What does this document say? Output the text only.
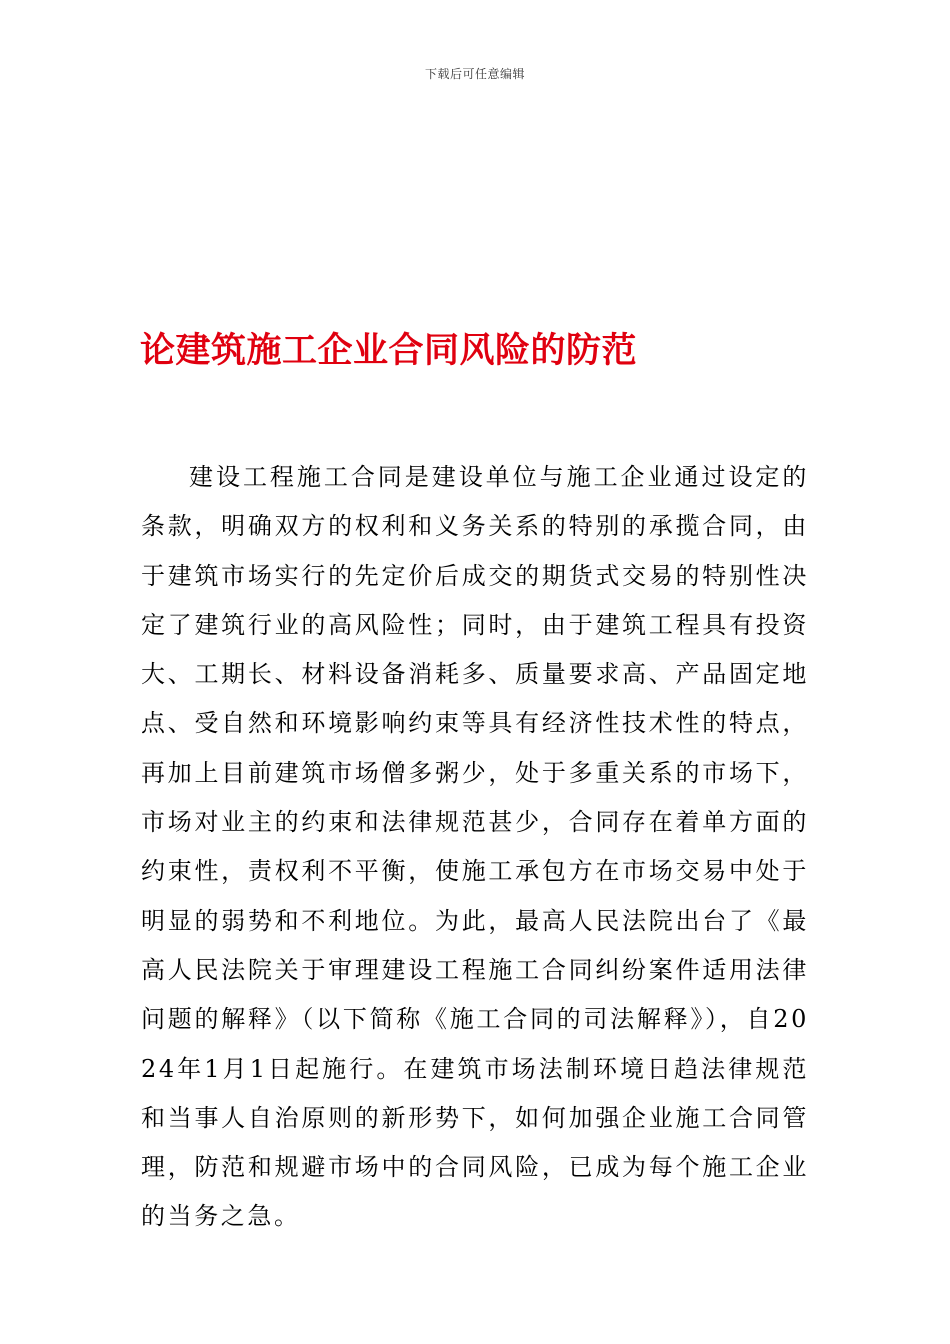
下载后可任意编辑
论建筑施工企业合同风险的防范

建设工程施工合同是建设单位与施工企业通过设定的条款，明确双方的权利和义务关系的特别的承揽合同，由于建筑市场实行的先定价后成交的期货式交易的特别性决定了建筑行业的高风险性；同时，由于建筑工程具有投资大、工期长、材料设备消耗多、质量要求高、产品固定地点、受自然和环境影响约束等具有经济性技术性的特点，再加上目前建筑市场僧多粥少，处于多重关系的市场下，市场对业主的约束和法律规范甚少，合同存在着单方面的约束性，责权利不平衡，使施工承包方在市场交易中处于明显的弱势和不利地位。为此，最高人民法院出台了《最高人民法院关于审理建设工程施工合同纠纷案件适用法律问题的解释》（以下简称《施工合同的司法解释》），自2024年1月1日起施行。在建筑市场法制环境日趋法律规范和当事人自治原则的新形势下，如何加强企业施工合同管理，防范和规避市场中的合同风险，已成为每个施工企业的当务之急。
